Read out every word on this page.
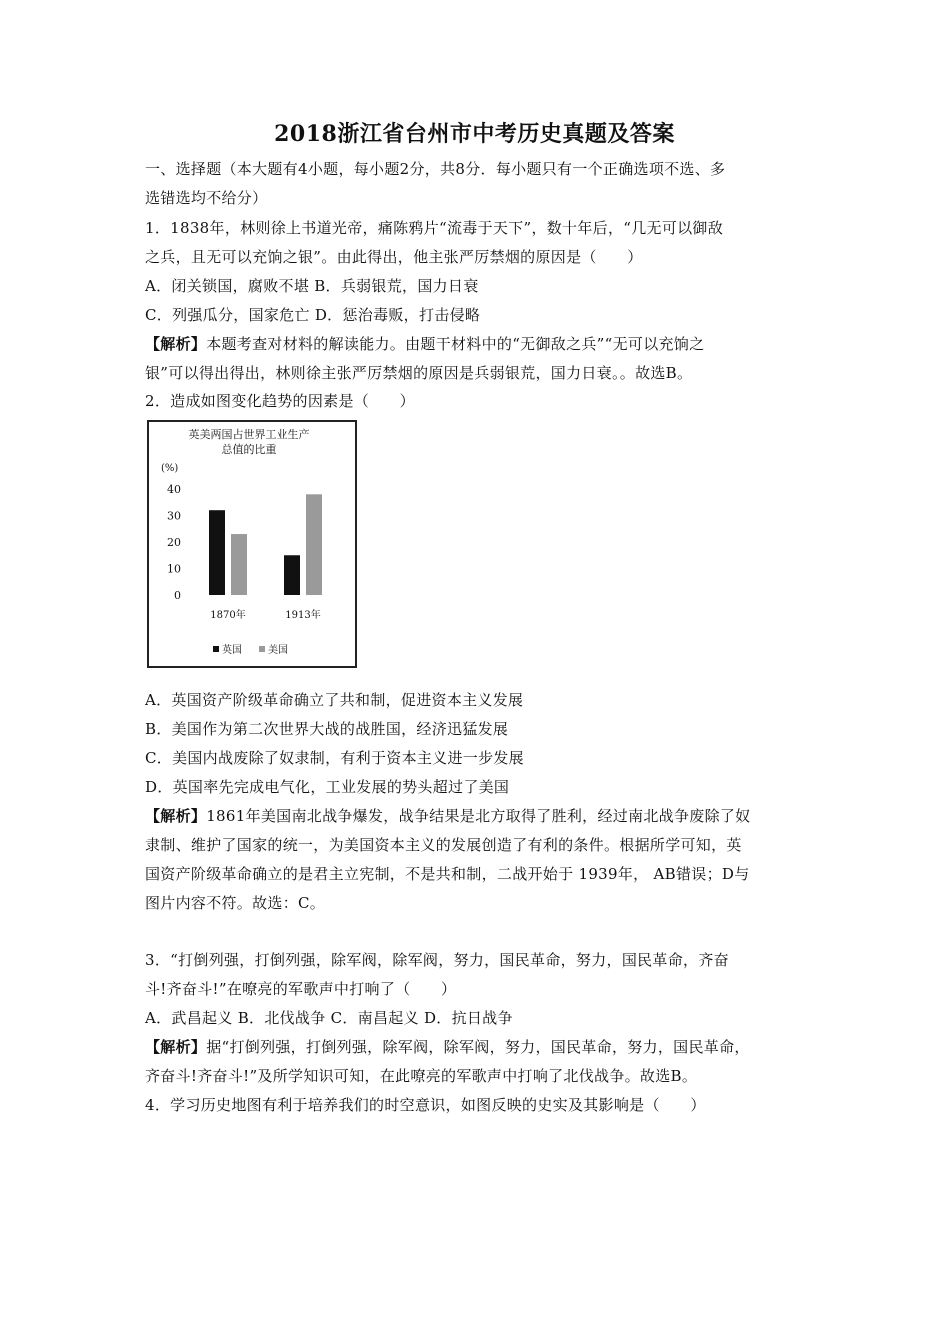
2018浙江省台州市中考历史真题及答案
一、选择题（本大题有4小题，每小题2分，共8分．每小题只有一个正确选项不选、多
选错选均不给分）
1．1838年，林则徐上书道光帝，痛陈鸦片“流毒于天下”，数十年后，“几无可以御敌
之兵，且无可以充饷之银”。由此得出，他主张严厉禁烟的原因是（　　）
A．闭关锁国，腐败不堪 B．兵弱银荒，国力日衰
C．列强瓜分，国家危亡 D．惩治毒贩，打击侵略
【解析】本题考查对材料的解读能力。由题干材料中的“无御敌之兵”“无可以充饷之
银”可以得出得出，林则徐主张严厉禁烟的原因是兵弱银荒，国力日衰。。故选B。
2．造成如图变化趋势的因素是（　　）
英美两国占世界工业生产
总值的比重
(%)
40
30
20
10
0
1870年	1913年
英国	美国
A．英国资产阶级革命确立了共和制，促进资本主义发展
B．美国作为第二次世界大战的战胜国，经济迅猛发展
C．美国内战废除了奴隶制，有利于资本主义进一步发展
D．英国率先完成电气化，工业发展的势头超过了美国
【解析】1861年美国南北战争爆发，战争结果是北方取得了胜利，经过南北战争废除了奴
隶制、维护了国家的统一，为美国资本主义的发展创造了有利的条件。根据所学可知，英
国资产阶级革命确立的是君主立宪制，不是共和制，二战开始于 1939年， AB错误；D与
图片内容不符。故选：C。
3．“打倒列强，打倒列强，除军阀，除军阀，努力，国民革命，努力，国民革命，齐奋
斗!齐奋斗!”在嘹亮的军歌声中打响了（　　）
A．武昌起义 B．北伐战争 C．南昌起义 D．抗日战争
【解析】据“打倒列强，打倒列强，除军阀，除军阀，努力，国民革命，努力，国民革命，
齐奋斗!齐奋斗!”及所学知识可知，在此嘹亮的军歌声中打响了北伐战争。故选B。
4．学习历史地图有利于培养我们的时空意识，如图反映的史实及其影响是（　　）
